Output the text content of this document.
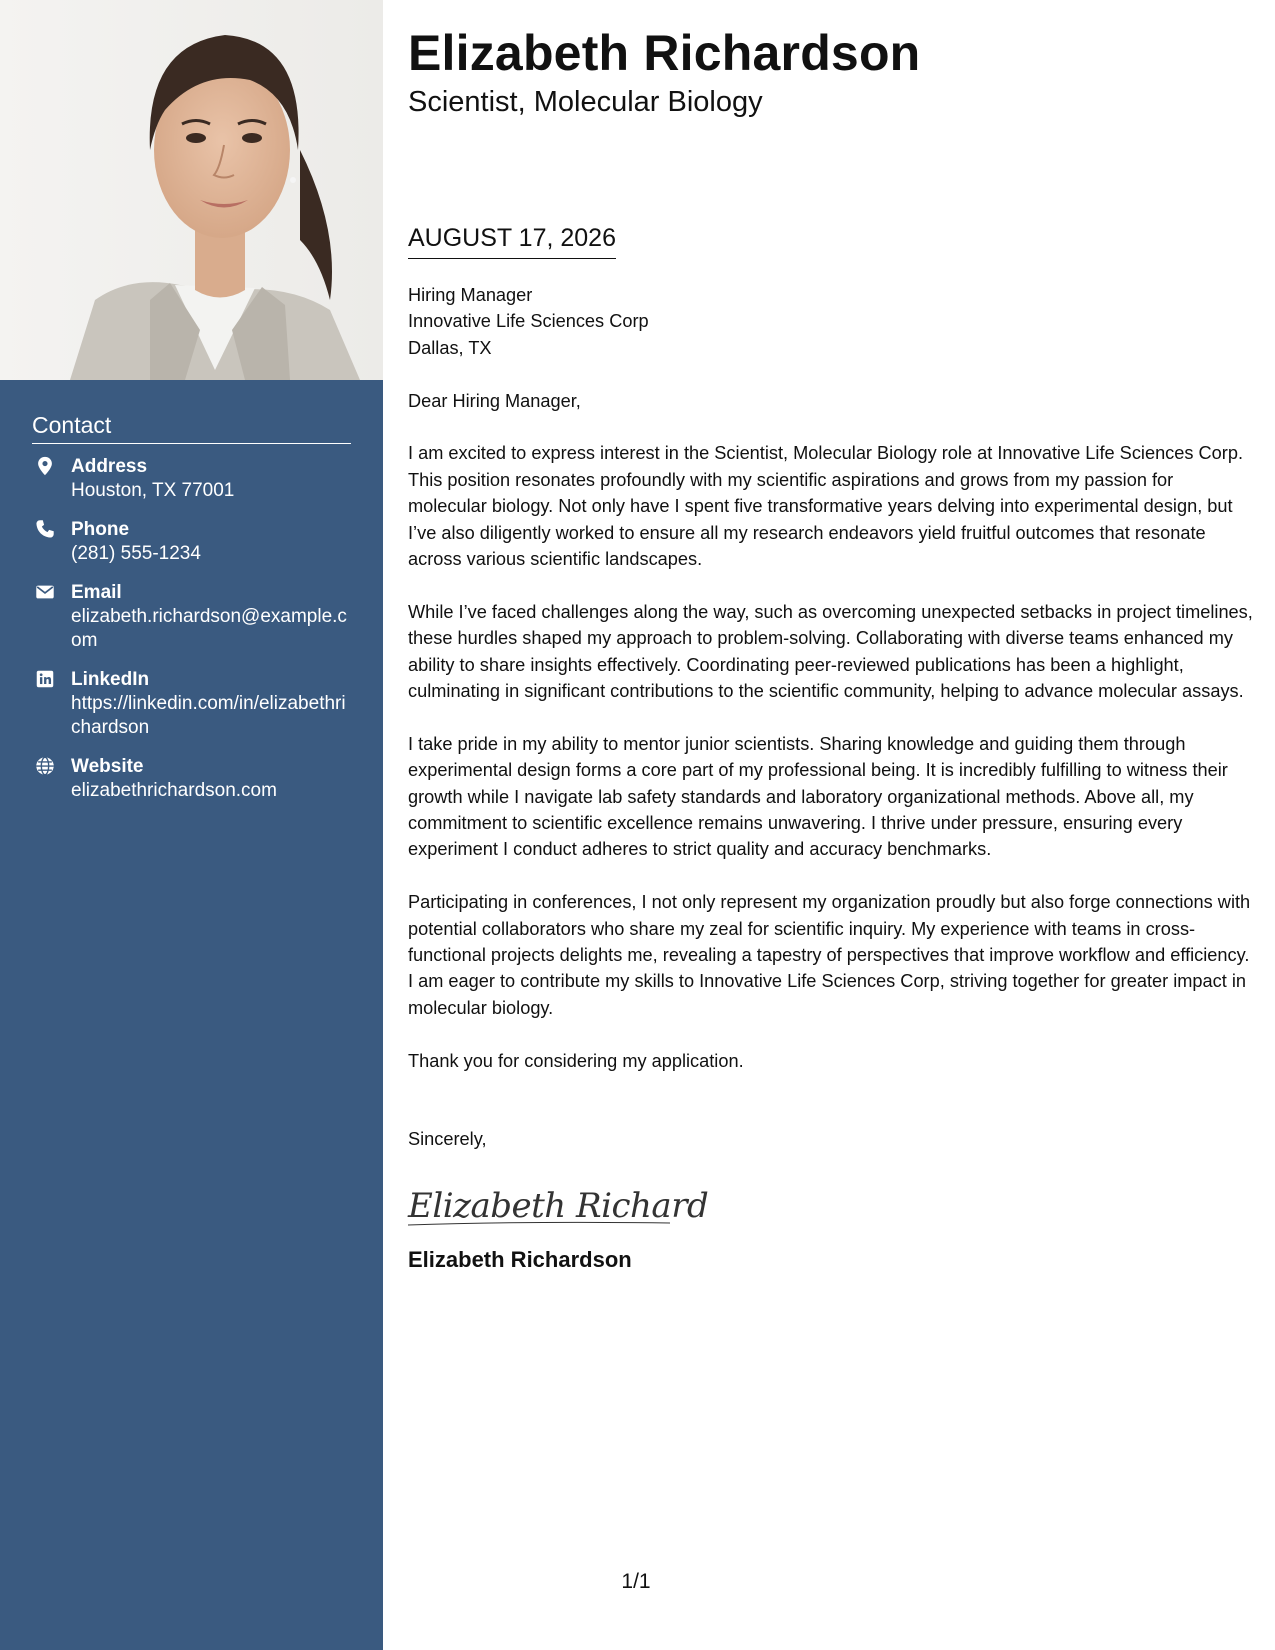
Contact
Address
Houston, TX 77001
Phone
(281) 555-1234
Email
elizabeth.richardson@example.com
LinkedIn
https://linkedin.com/in/elizabethrichardson
Website
elizabethrichardson.com
Elizabeth Richardson
Scientist, Molecular Biology
AUGUST 17, 2026
Hiring Manager
Innovative Life Sciences Corp
Dallas, TX

Dear Hiring Manager,

I am excited to express interest in the Scientist, Molecular Biology role at Innovative Life Sciences Corp. This position resonates profoundly with my scientific aspirations and grows from my passion for molecular biology. Not only have I spent five transformative years delving into experimental design, but I’ve also diligently worked to ensure all my research endeavors yield fruitful outcomes that resonate across various scientific landscapes.

While I’ve faced challenges along the way, such as overcoming unexpected setbacks in project timelines, these hurdles shaped my approach to problem-solving. Collaborating with diverse teams enhanced my ability to share insights effectively. Coordinating peer-reviewed publications has been a highlight, culminating in significant contributions to the scientific community, helping to advance molecular assays.

I take pride in my ability to mentor junior scientists. Sharing knowledge and guiding them through experimental design forms a core part of my professional being. It is incredibly fulfilling to witness their growth while I navigate lab safety standards and laboratory organizational methods. Above all, my commitment to scientific excellence remains unwavering. I thrive under pressure, ensuring every experiment I conduct adheres to strict quality and accuracy benchmarks.

Participating in conferences, I not only represent my organization proudly but also forge connections with potential collaborators who share my zeal for scientific inquiry. My experience with teams in cross-functional projects delights me, revealing a tapestry of perspectives that improve workflow and efficiency. I am eager to contribute my skills to Innovative Life Sciences Corp, striving together for greater impact in molecular biology.

Thank you for considering my application.

Sincerely,
Elizabeth Richard
Elizabeth Richardson
1/1
